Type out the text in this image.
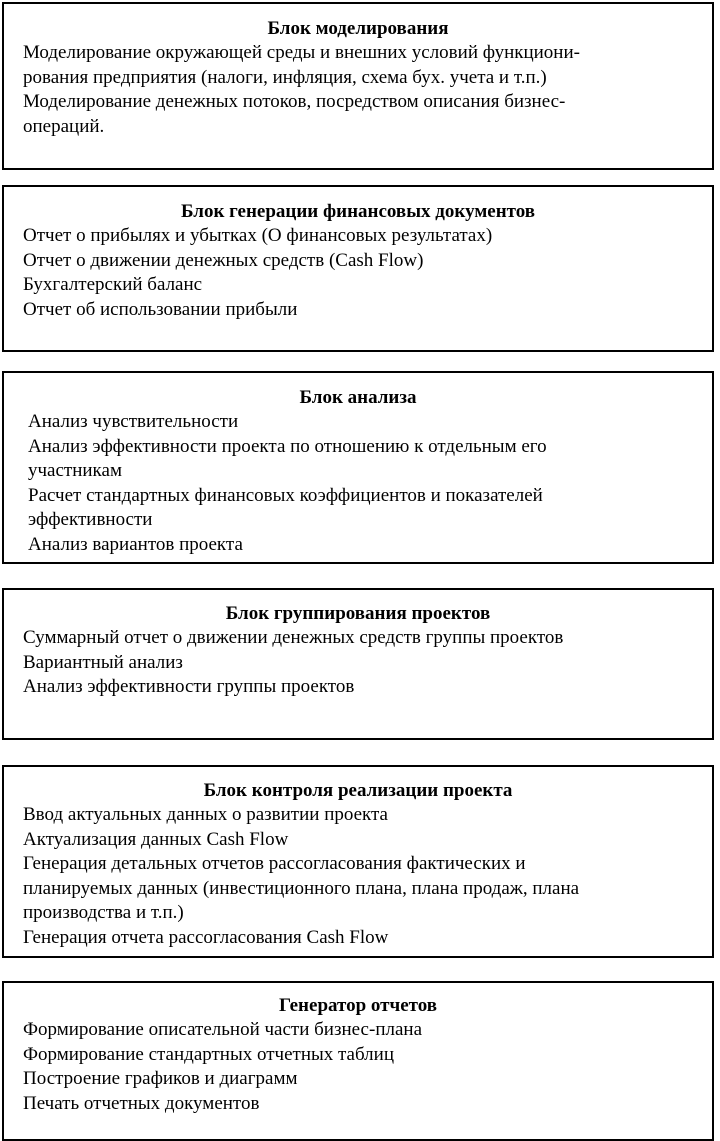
Блок моделирования
Моделирование окружающей среды и внешних условий функциони-
рования предприятия (налоги, инфляция, схема бух. учета и т.п.)
Моделирование денежных потоков, посредством описания бизнес-
операций.
Блок генерации финансовых документов
Отчет о прибылях и убытках (О финансовых результатах)
Отчет о движении денежных средств (Cash Flow)
Бухгалтерский баланс
Отчет об использовании прибыли
Блок анализа
Анализ чувствительности
Анализ эффективности проекта по отношению к отдельным его
участникам
Расчет стандартных финансовых коэффициентов и показателей
эффективности
Анализ вариантов проекта
Блок группирования проектов
Суммарный отчет о движении денежных средств группы проектов
Вариантный анализ
Анализ эффективности группы проектов
Блок контроля реализации проекта
Ввод актуальных данных о развитии проекта
Актуализация данных Cash Flow
Генерация детальных отчетов рассогласования фактических и
планируемых данных (инвестиционного плана, плана продаж, плана
производства и т.п.)
Генерация отчета рассогласования Cash Flow
Генератор отчетов
Формирование описательной части бизнес-плана
Формирование стандартных отчетных таблиц
Построение графиков и диаграмм
Печать отчетных документов
